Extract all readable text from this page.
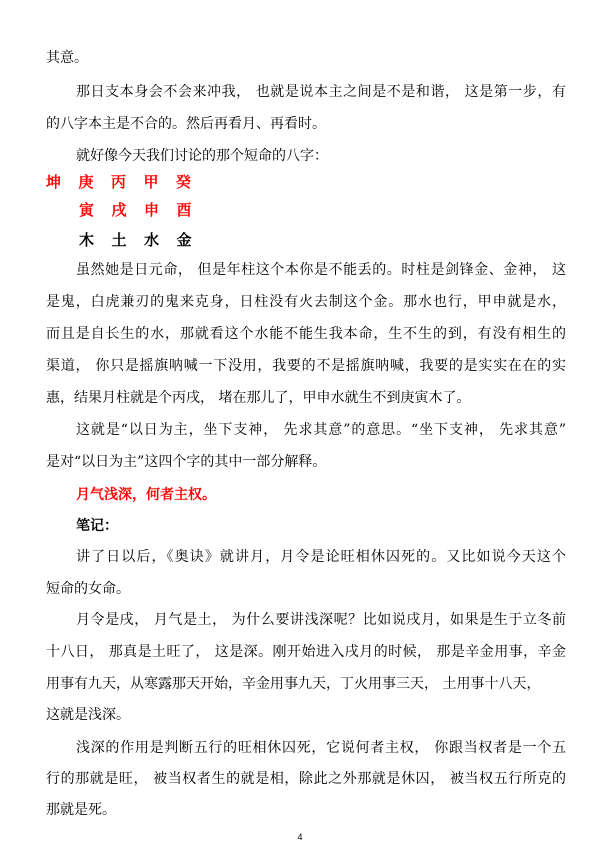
其意。
那日支本身会不会来冲我， 也就是说本主之间是不是和谐， 这是第一步，有
的八字本主是不合的。然后再看月、再看时。
就好像今天我们讨论的那个短命的八字：
坤 庚 丙 甲 癸
寅 戌 申 酉
木 土 水 金
虽然她是日元命， 但是年柱这个本你是不能丢的。时柱是剑锋金、金神， 这
是鬼，白虎兼刃的鬼来克身，日柱没有火去制这个金。那水也行，甲申就是水，
而且是自长生的水，那就看这个水能不能生我本命，生不生的到，有没有相生的
渠道， 你只是摇旗呐喊一下没用，我要的不是摇旗呐喊，我要的是实实在在的实
惠，结果月柱就是个丙戌， 堵在那儿了，甲申水就生不到庚寅木了。
这就是“以日为主，坐下支神， 先求其意”的意思。“坐下支神， 先求其意”
是对“以日为主”这四个字的其中一部分解释。
月气浅深，何者主权。
笔记：
讲了日以后，《奥诀》就讲月，月令是论旺相休囚死的。又比如说今天这个
短命的女命。
月令是戌， 月气是土， 为什么要讲浅深呢？比如说戌月，如果是生于立冬前
十八日， 那真是土旺了， 这是深。刚开始进入戌月的时候， 那是辛金用事，辛金
用事有九天，从寒露那天开始，辛金用事九天，丁火用事三天， 土用事十八天，
这就是浅深。
浅深的作用是判断五行的旺相休囚死，它说何者主权， 你跟当权者是一个五
行的那就是旺， 被当权者生的就是相，除此之外那就是休囚， 被当权五行所克的
那就是死。
4
